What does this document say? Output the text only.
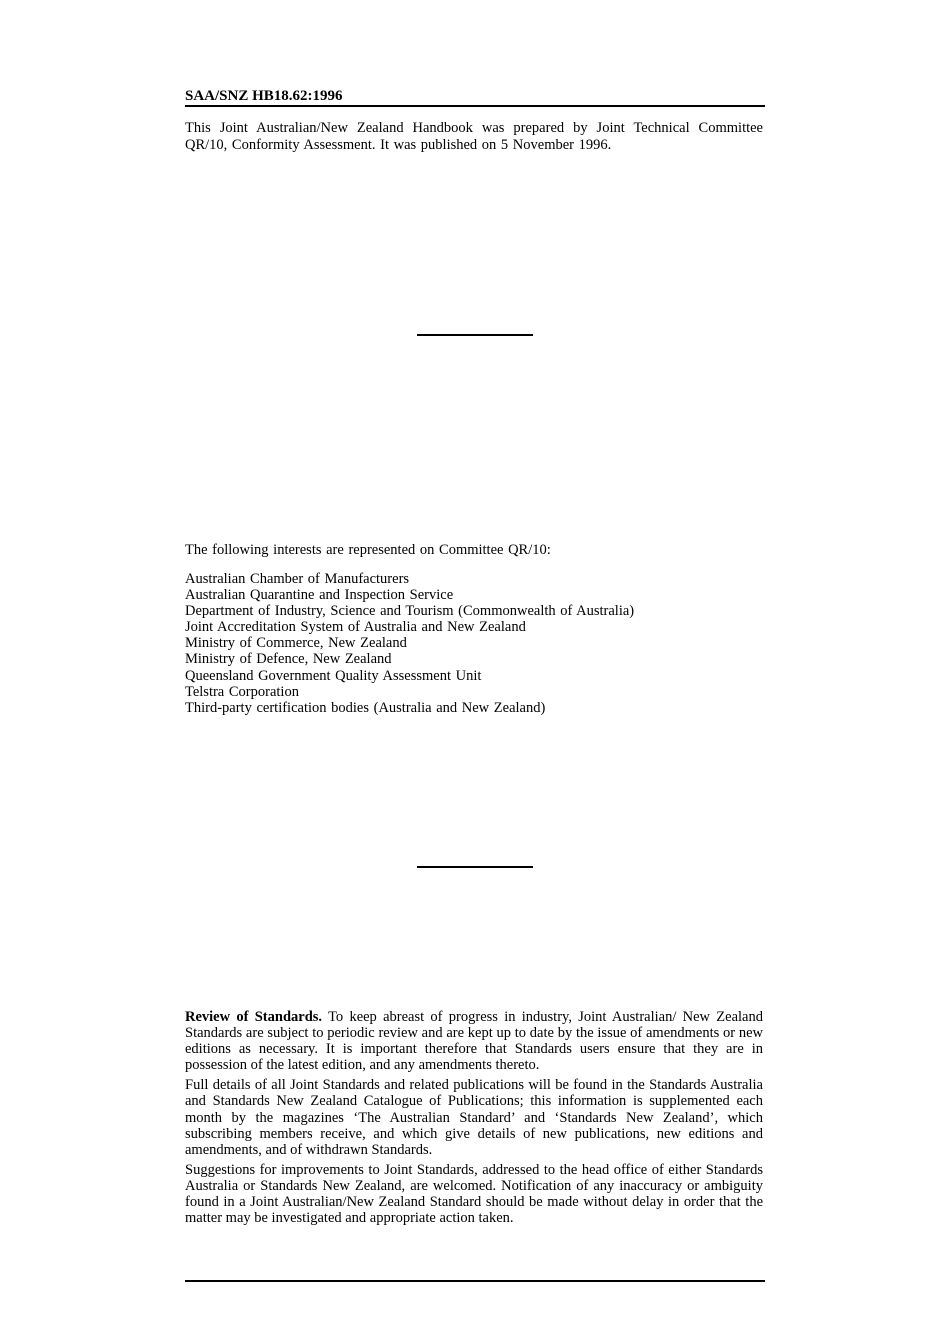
SAA/SNZ HB18.62:1996

This Joint Australian/New Zealand Handbook was prepared by Joint Technical Committee QR/10, Conformity Assessment. It was published on 5 November 1996.

The following interests are represented on Committee QR/10:

Australian Chamber of Manufacturers
Australian Quarantine and Inspection Service
Department of Industry, Science and Tourism (Commonwealth of Australia)
Joint Accreditation System of Australia and New Zealand
Ministry of Commerce, New Zealand
Ministry of Defence, New Zealand
Queensland Government Quality Assessment Unit
Telstra Corporation
Third-party certification bodies (Australia and New Zealand)

Review of Standards. To keep abreast of progress in industry, Joint Australian/ New Zealand Standards are subject to periodic review and are kept up to date by the issue of amendments or new editions as necessary. It is important therefore that Standards users ensure that they are in possession of the latest edition, and any amendments thereto.

Full details of all Joint Standards and related publications will be found in the Standards Australia and Standards New Zealand Catalogue of Publications; this information is supplemented each month by the magazines ‘The Australian Standard’ and ‘Standards New Zealand’, which subscribing members receive, and which give details of new publications, new editions and amendments, and of withdrawn Standards.

Suggestions for improvements to Joint Standards, addressed to the head office of either Standards Australia or Standards New Zealand, are welcomed. Notification of any inaccuracy or ambiguity found in a Joint Australian/New Zealand Standard should be made without delay in order that the matter may be investigated and appropriate action taken.
